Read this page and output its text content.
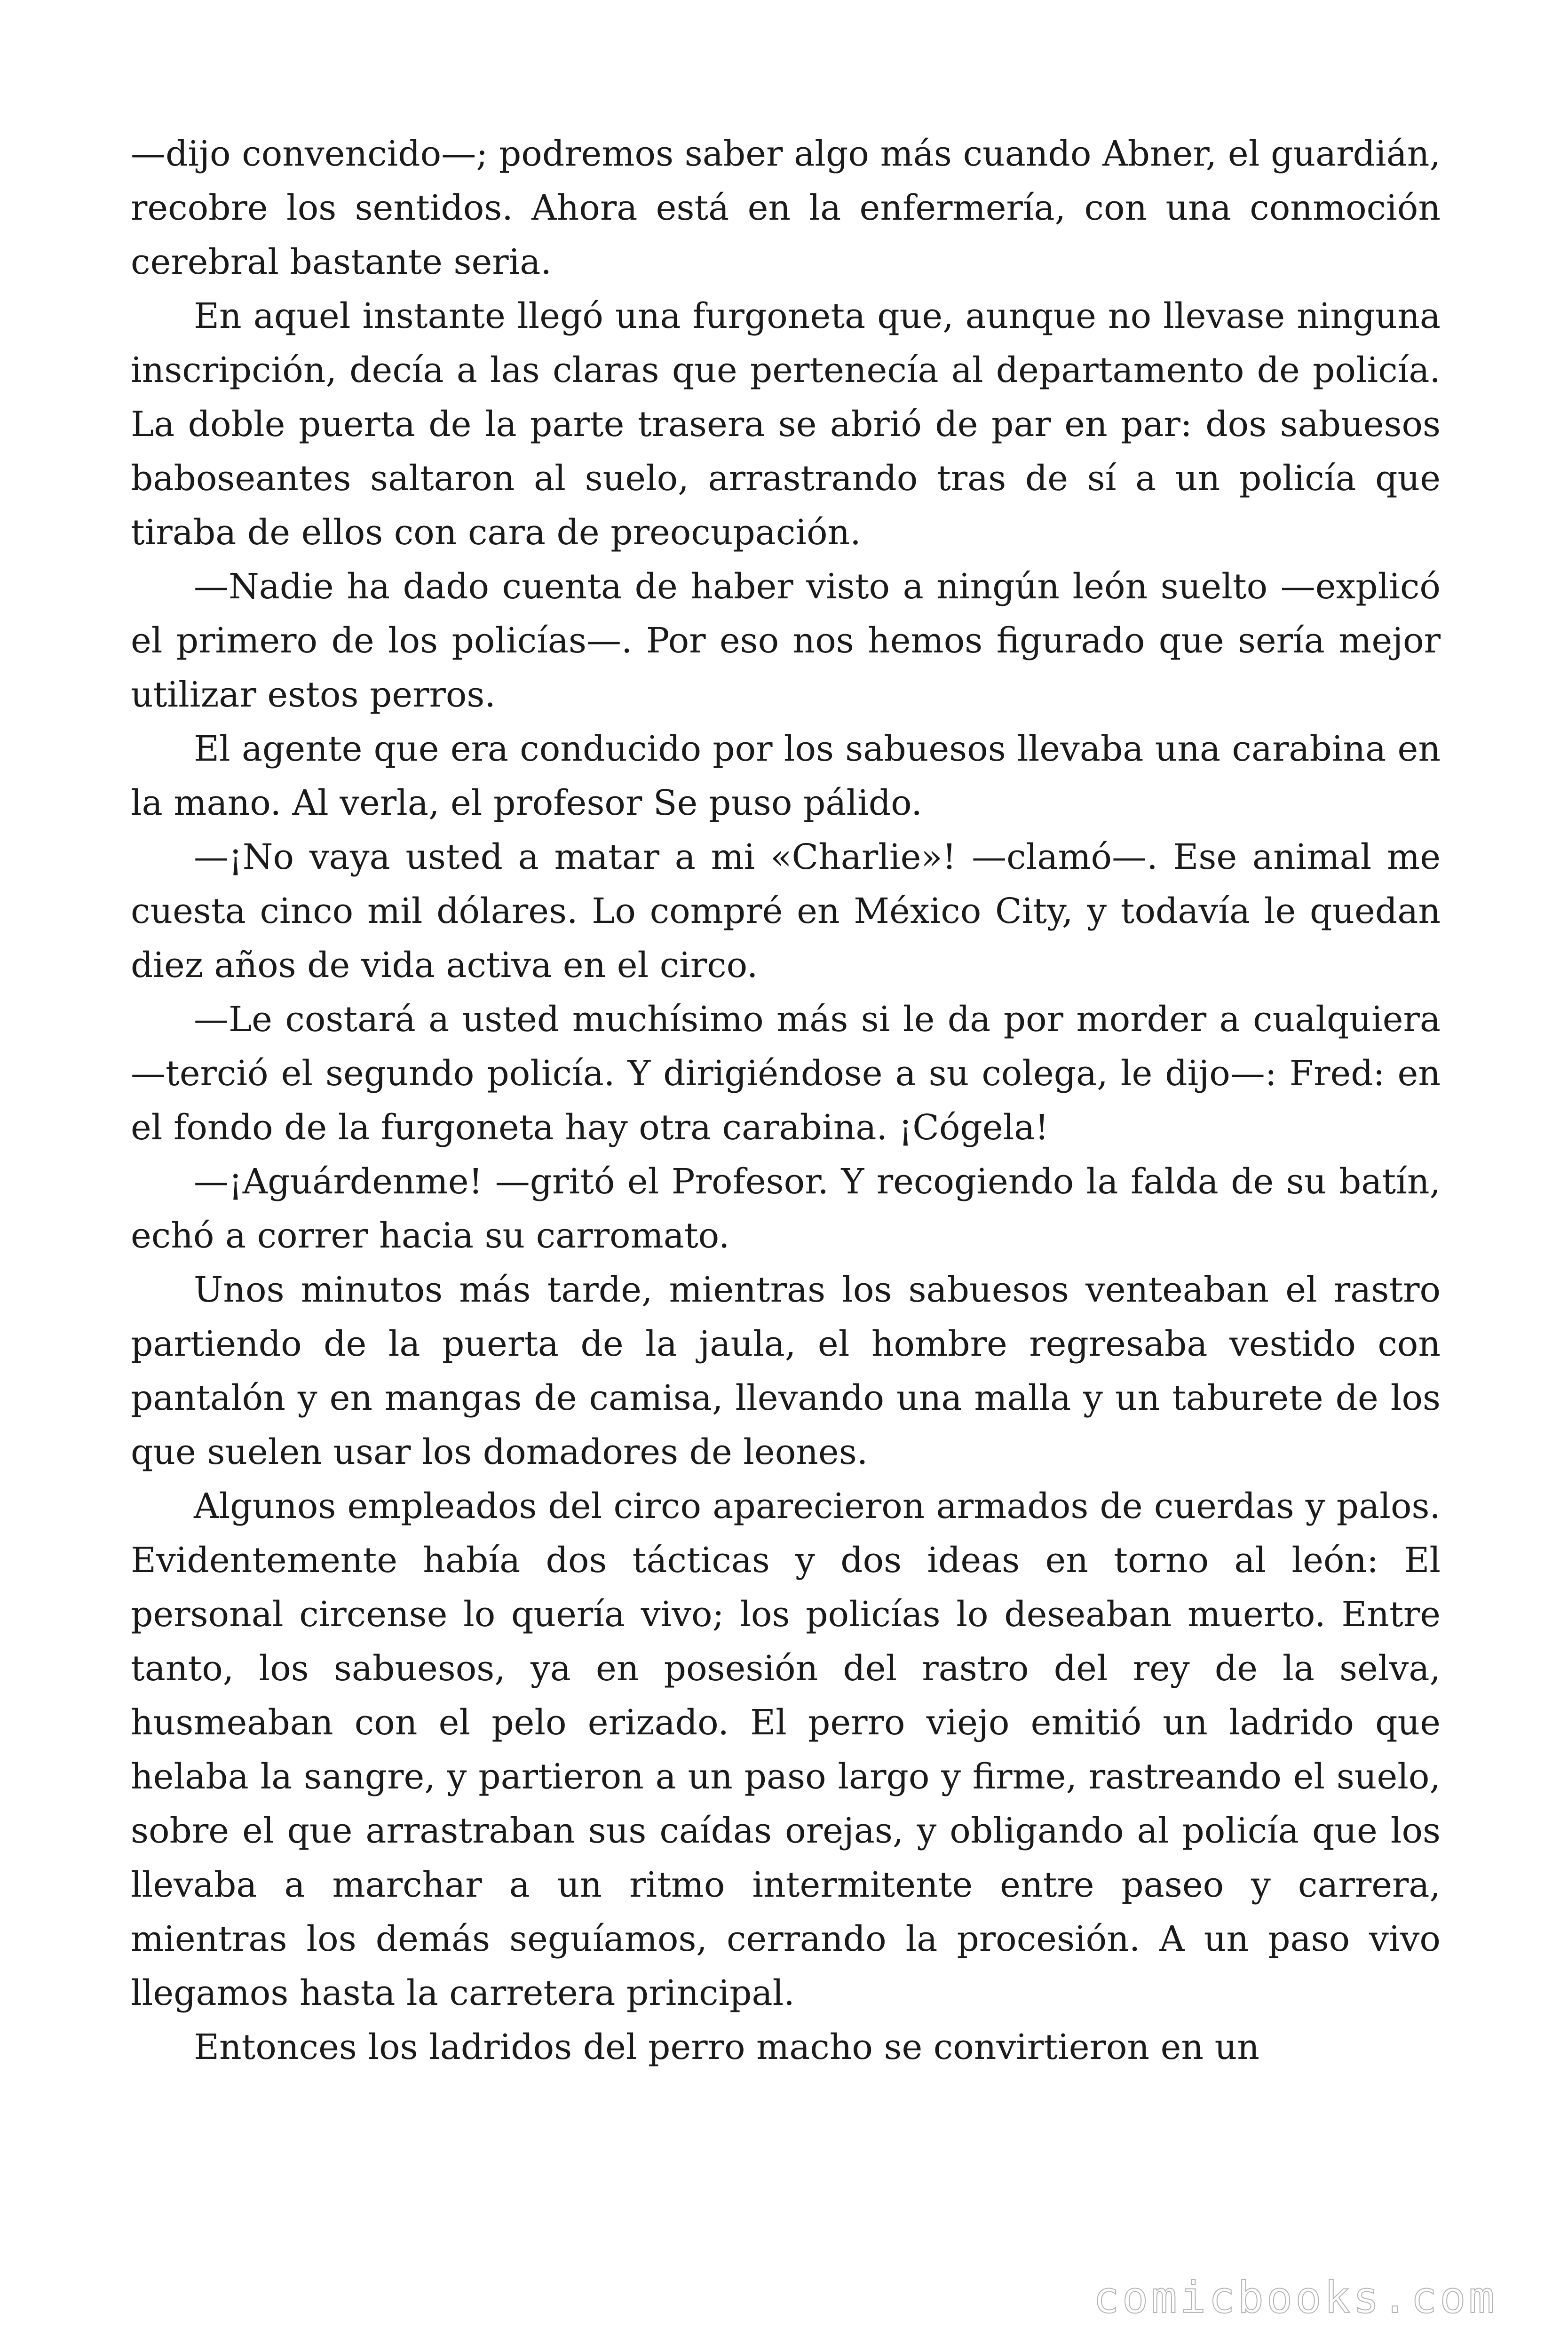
—dijo convencido—; podremos saber algo más cuando Abner, el guardián, recobre los sentidos. Ahora está en la enfermería, con una conmoción cerebral bastante seria.

En aquel instante llegó una furgoneta que, aunque no llevase ninguna inscripción, decía a las claras que pertenecía al departamento de policía. La doble puerta de la parte trasera se abrió de par en par: dos sabuesos baboseantes saltaron al suelo, arrastrando tras de sí a un policía que tiraba de ellos con cara de preocupación.

—Nadie ha dado cuenta de haber visto a ningún león suelto —explicó el primero de los policías—. Por eso nos hemos figurado que sería mejor utilizar estos perros.

El agente que era conducido por los sabuesos llevaba una carabina en la mano. Al verla, el profesor Se puso pálido.

—¡No vaya usted a matar a mi «Charlie»! —clamó—. Ese animal me cuesta cinco mil dólares. Lo compré en México City, y todavía le quedan diez años de vida activa en el circo.

—Le costará a usted muchísimo más si le da por morder a cualquiera —terció el segundo policía. Y dirigiéndose a su colega, le dijo—: Fred: en el fondo de la furgoneta hay otra carabina. ¡Cógela!

—¡Aguárdenme! —gritó el Profesor. Y recogiendo la falda de su batín, echó a correr hacia su carromato.

Unos minutos más tarde, mientras los sabuesos venteaban el rastro partiendo de la puerta de la jaula, el hombre regresaba vestido con pantalón y en mangas de camisa, llevando una malla y un taburete de los que suelen usar los domadores de leones.

Algunos empleados del circo aparecieron armados de cuerdas y palos. Evidentemente había dos tácticas y dos ideas en torno al león: El personal circense lo quería vivo; los policías lo deseaban muerto. Entre tanto, los sabuesos, ya en posesión del rastro del rey de la selva, husmeaban con el pelo erizado. El perro viejo emitió un ladrido que helaba la sangre, y partieron a un paso largo y firme, rastreando el suelo, sobre el que arrastraban sus caídas orejas, y obligando al policía que los llevaba a marchar a un ritmo intermitente entre paseo y carrera, mientras los demás seguíamos, cerrando la procesión. A un paso vivo llegamos hasta la carretera principal.

Entonces los ladridos del perro macho se convirtieron en un

comicbooks.com
